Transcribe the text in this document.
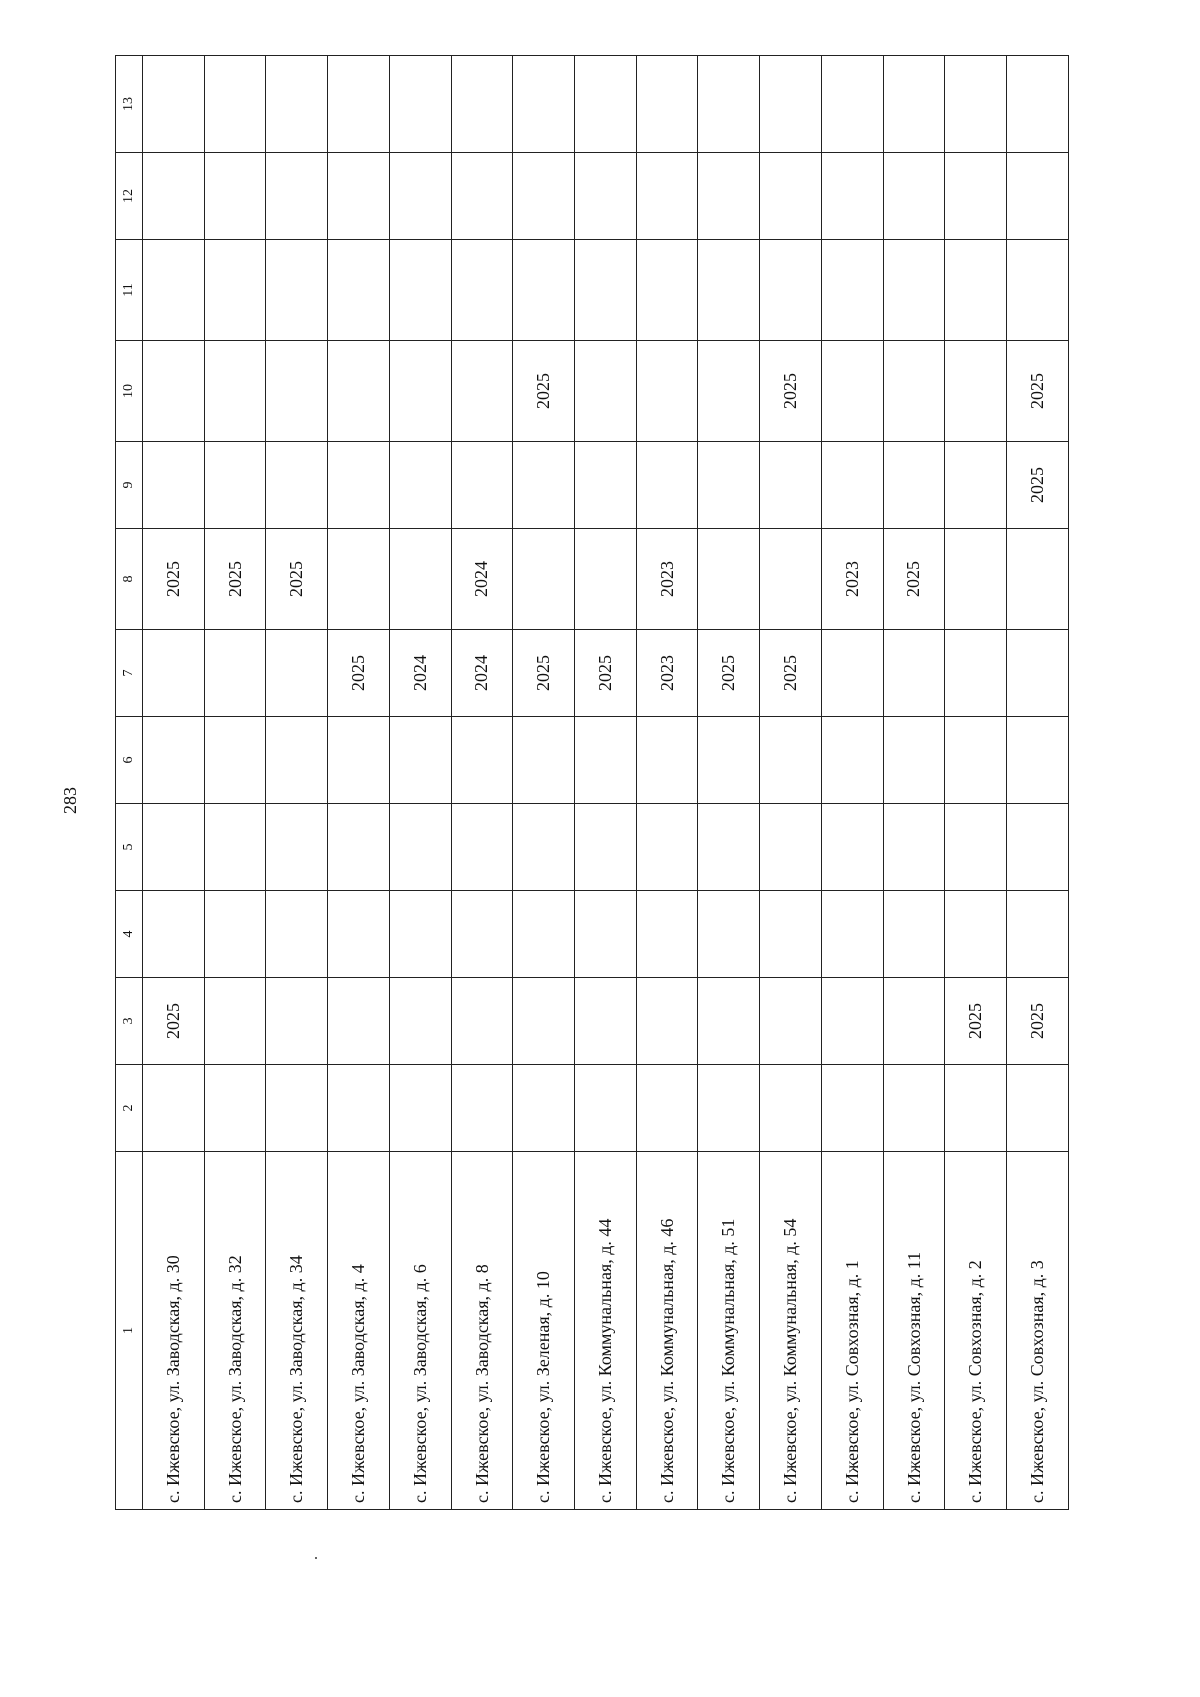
283
1	2	3	4	5	6	7	8	9	10	11	12	13
с. Ижевское, ул. Заводская, д. 30		2025					2025					
с. Ижевское, ул. Заводская, д. 32							2025					
с. Ижевское, ул. Заводская, д. 34							2025					
с. Ижевское, ул. Заводская, д. 4						2025						
с. Ижевское, ул. Заводская, д. 6						2024						
с. Ижевское, ул. Заводская, д. 8						2024	2024					
с. Ижевское, ул. Зеленая, д. 10						2025			2025			
с. Ижевское, ул. Коммунальная, д. 44						2025						
с. Ижевское, ул. Коммунальная, д. 46						2023	2023					
с. Ижевское, ул. Коммунальная, д. 51						2025						
с. Ижевское, ул. Коммунальная, д. 54						2025			2025			
с. Ижевское, ул. Совхозная, д. 1							2023					
с. Ижевское, ул. Совхозная, д. 11							2025					
с. Ижевское, ул. Совхозная, д. 2		2025										
с. Ижевское, ул. Совхозная, д. 3		2025						2025	2025			
